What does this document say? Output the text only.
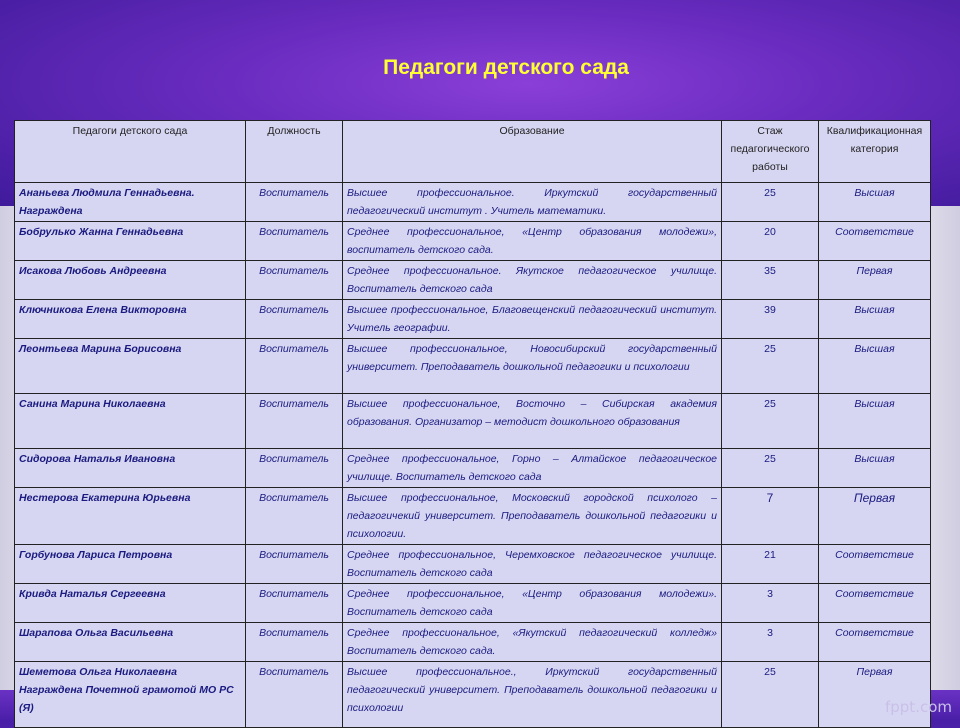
Педагоги детского сада
Педагоги детского сада	Должность	Образование	Стаж педагогического работы	Квалификационная категория
Ананьева Людмила Геннадьевна. Награждена	Воспитатель	Высшее профессиональное. Иркутский государственный педагогический институт . Учитель математики.	25	Высшая
Бобрулько Жанна Геннадьевна	Воспитатель	Среднее профессиональное, «Центр образования молодежи», воспитатель детского сада.	20	Соответствие
Исакова Любовь Андреевна	Воспитатель	Среднее профессиональное. Якутское педагогическое училище. Воспитатель детского сада	35	Первая
Ключникова Елена Викторовна	Воспитатель	Высшее профессиональное, Благовещенский педагогический институт. Учитель географии.	39	Высшая
Леонтьева Марина Борисовна	Воспитатель	Высшее профессиональное, Новосибирский государственный университет. Преподаватель дошкольной педагогики и психологии	25	Высшая
Санина Марина Николаевна	Воспитатель	Высшее профессиональное, Восточно – Сибирская академия образования. Организатор – методист дошкольного образования	25	Высшая
Сидорова Наталья Ивановна	Воспитатель	Среднее профессиональное, Горно – Алтайское педагогическое училище. Воспитатель детского сада	25	Высшая
Нестерова Екатерина Юрьевна	Воспитатель	Высшее профессиональное, Московский городской психолого – педагогичекий университет. Преподаватель дошкольной педагогики и психологии.	7	Первая
Горбунова Лариса Петровна	Воспитатель	Среднее профессиональное, Черемховское педагогическое училище. Воспитатель детского сада	21	Соответствие
Кривда Наталья Сергеевна	Воспитатель	Среднее профессиональное, «Центр образования молодежи». Воспитатель детского сада	3	Соответствие
Шарапова Ольга Васильевна	Воспитатель	Среднее профессиональное, «Якутский педагогический колледж» Воспитатель детского сада.	3	Соответствие
Шеметова Ольга Николаевна Награждена Почетной грамотой МО РС (Я)	Воспитатель	Высшее профессиональное., Иркутский государственный педагогический университет. Преподаватель дошкольной педагогики и психологии	25	Первая
fppt.com
